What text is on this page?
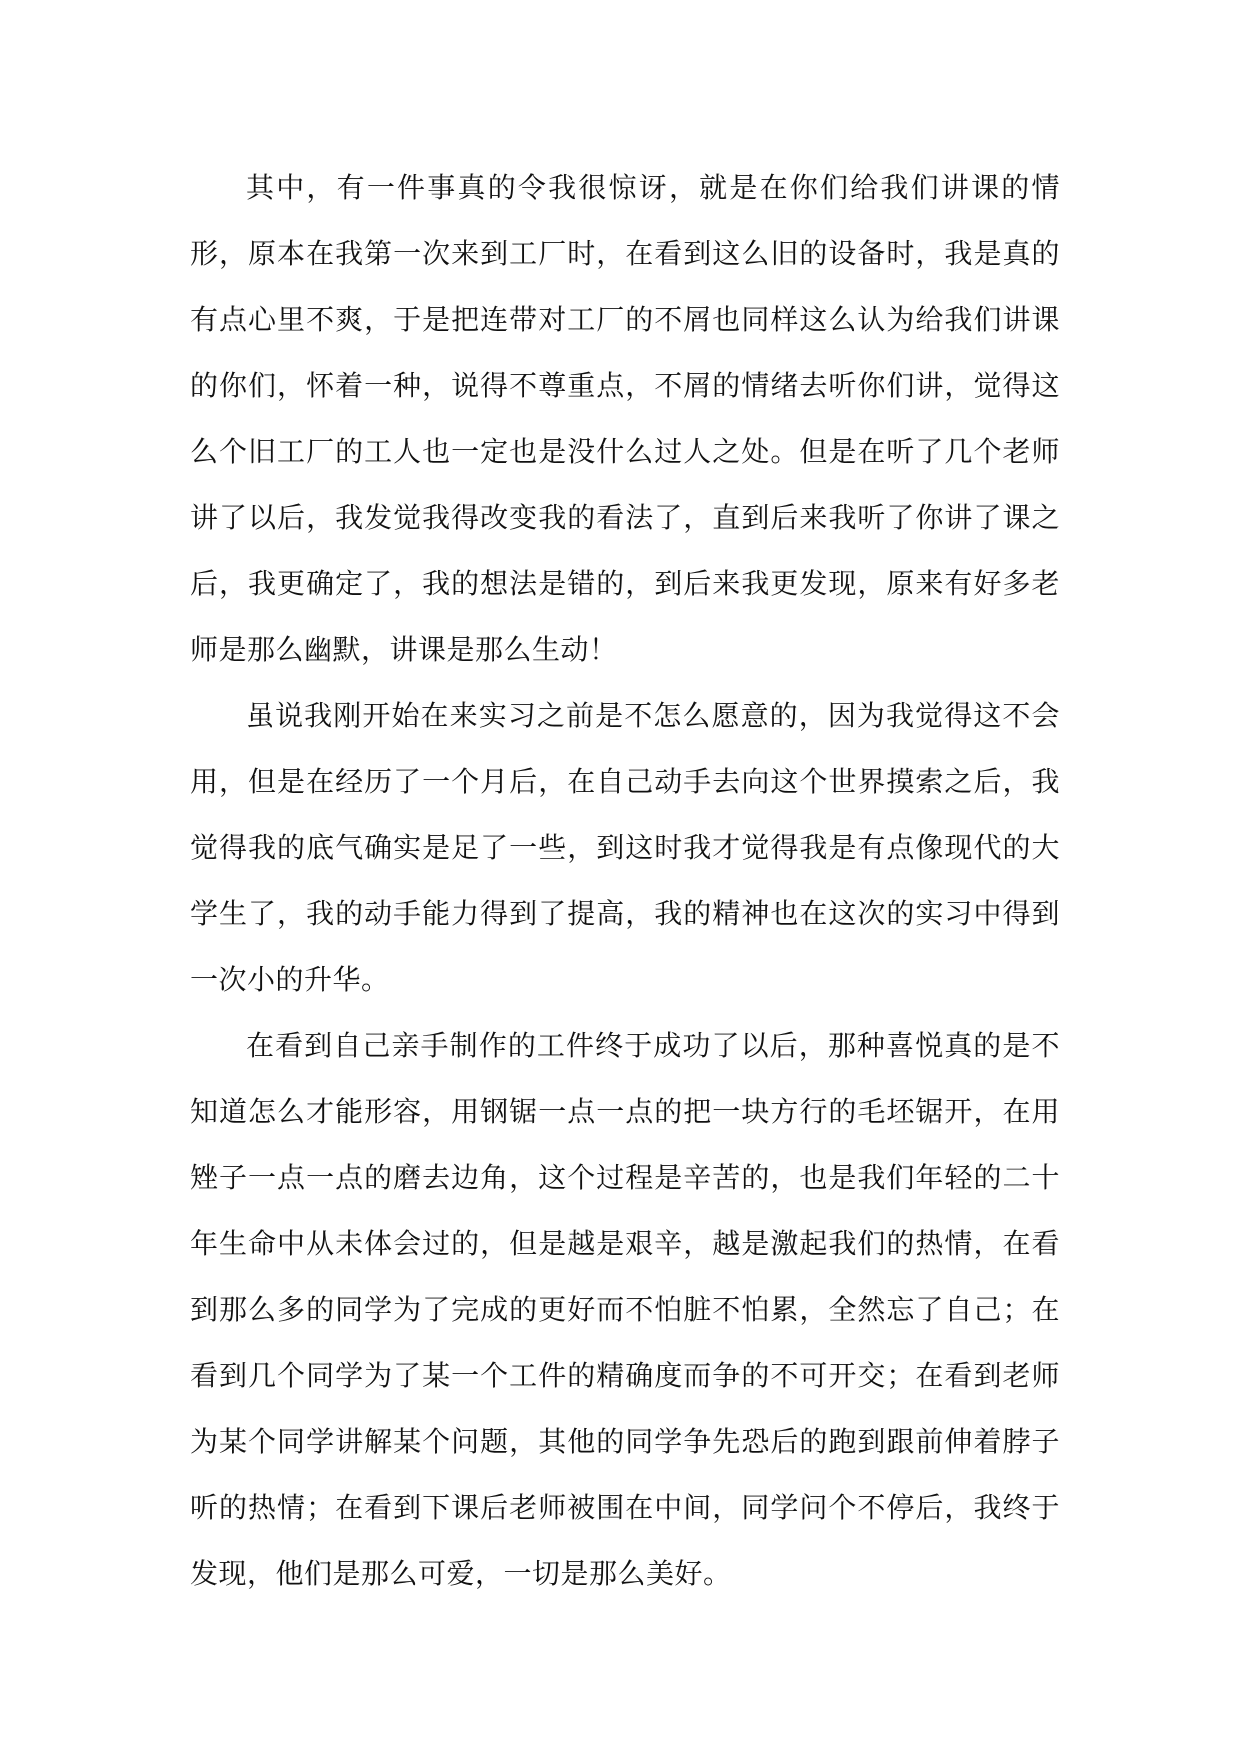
其中，有一件事真的令我很惊讶，就是在你们给我们讲课的情形，原本在我第一次来到工厂时，在看到这么旧的设备时，我是真的有点心里不爽，于是把连带对工厂的不屑也同样这么认为给我们讲课的你们，怀着一种，说得不尊重点，不屑的情绪去听你们讲，觉得这么个旧工厂的工人也一定也是没什么过人之处。但是在听了几个老师讲了以后，我发觉我得改变我的看法了，直到后来我听了你讲了课之后，我更确定了，我的想法是错的，到后来我更发现，原来有好多老师是那么幽默，讲课是那么生动！

虽说我刚开始在来实习之前是不怎么愿意的，因为我觉得这不会用，但是在经历了一个月后，在自己动手去向这个世界摸索之后，我觉得我的底气确实是足了一些，到这时我才觉得我是有点像现代的大学生了，我的动手能力得到了提高，我的精神也在这次的实习中得到一次小的升华。

在看到自己亲手制作的工件终于成功了以后，那种喜悦真的是不知道怎么才能形容，用钢锯一点一点的把一块方行的毛坯锯开，在用矬子一点一点的磨去边角，这个过程是辛苦的，也是我们年轻的二十年生命中从未体会过的，但是越是艰辛，越是激起我们的热情，在看到那么多的同学为了完成的更好而不怕脏不怕累，全然忘了自己；在看到几个同学为了某一个工件的精确度而争的不可开交；在看到老师为某个同学讲解某个问题，其他的同学争先恐后的跑到跟前伸着脖子听的热情；在看到下课后老师被围在中间，同学问个不停后，我终于发现，他们是那么可爱，一切是那么美好。
